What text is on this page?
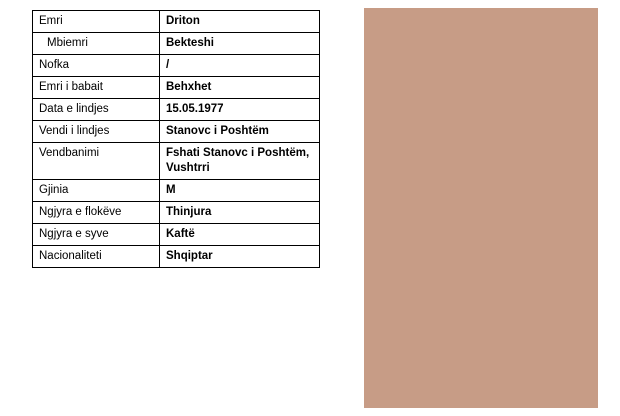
Emri	Driton
Mbiemri	Bekteshi
Nofka	/
Emri i babait	Behxhet
Data e lindjes	15.05.1977
Vendi i lindjes	Stanovc i Poshtëm
Vendbanimi	Fshati Stanovc i Poshtëm, Vushtrri
Gjinia	M
Ngjyra e flokëve	Thinjura
Ngjyra e syve	Kaftë
Nacionaliteti	Shqiptar
